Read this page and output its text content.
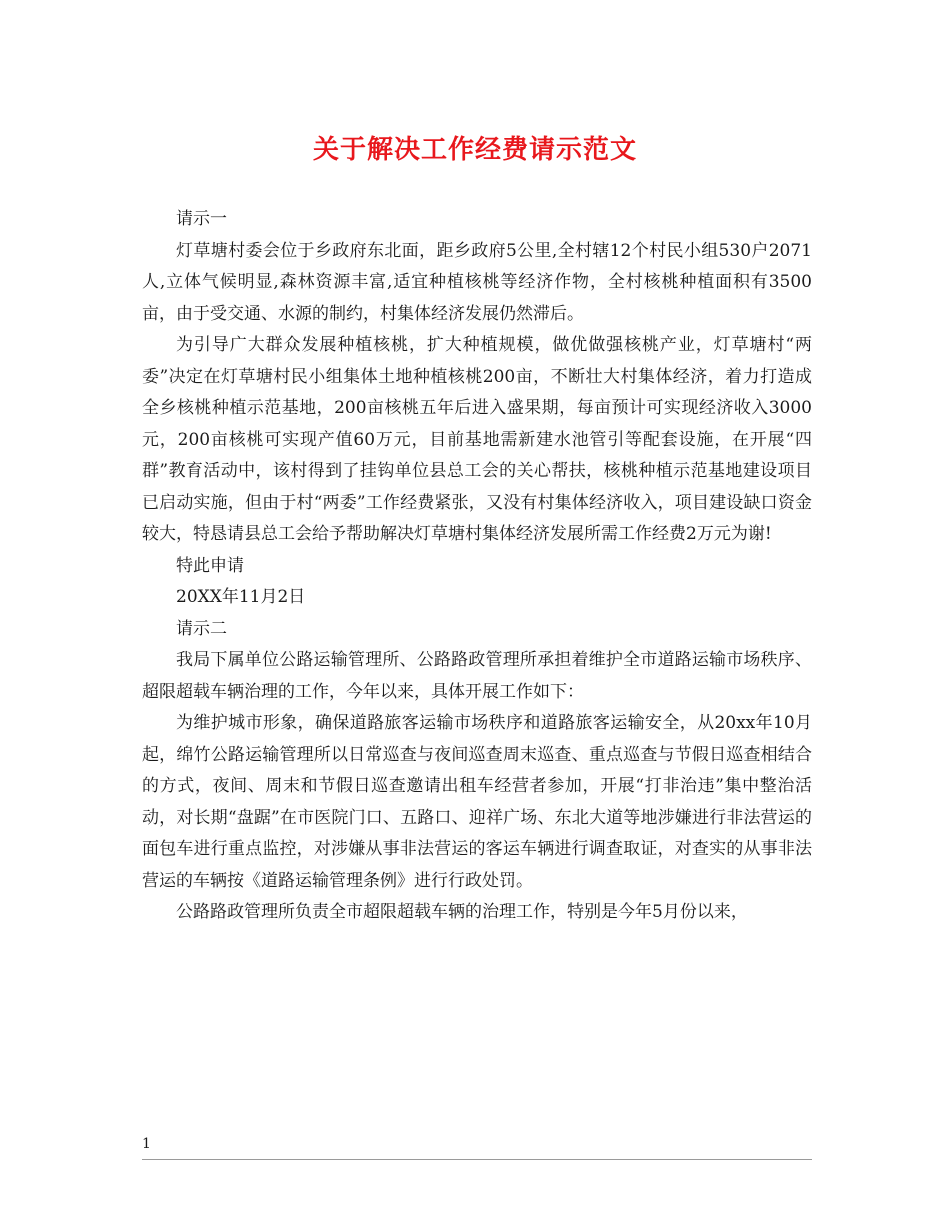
关于解决工作经费请示范文

请示一

灯草塘村委会位于乡政府东北面，距乡政府5公里,全村辖12个村民小组530户2071人,立体气候明显,森林资源丰富,适宜种植核桃等经济作物，全村核桃种植面积有3500亩，由于受交通、水源的制约，村集体经济发展仍然滞后。

为引导广大群众发展种植核桃，扩大种植规模，做优做强核桃产业，灯草塘村“两委”决定在灯草塘村民小组集体土地种植核桃200亩，不断壮大村集体经济，着力打造成全乡核桃种植示范基地，200亩核桃五年后进入盛果期，每亩预计可实现经济收入3000元，200亩核桃可实现产值60万元，目前基地需新建水池管引等配套设施，在开展“四群”教育活动中，该村得到了挂钩单位县总工会的关心帮扶，核桃种植示范基地建设项目已启动实施，但由于村“两委”工作经费紧张，又没有村集体经济收入，项目建设缺口资金较大，特恳请县总工会给予帮助解决灯草塘村集体经济发展所需工作经费2万元为谢!

特此申请

20XX年11月2日

请示二

我局下属单位公路运输管理所、公路路政管理所承担着维护全市道路运输市场秩序、超限超载车辆治理的工作，今年以来，具体开展工作如下：

为维护城市形象，确保道路旅客运输市场秩序和道路旅客运输安全，从20xx年10月起，绵竹公路运输管理所以日常巡查与夜间巡查周末巡查、重点巡查与节假日巡查相结合的方式，夜间、周末和节假日巡查邀请出租车经营者参加，开展“打非治违”集中整治活动，对长期“盘踞”在市医院门口、五路口、迎祥广场、东北大道等地涉嫌进行非法营运的面包车进行重点监控，对涉嫌从事非法营运的客运车辆进行调查取证，对查实的从事非法营运的车辆按《道路运输管理条例》进行行政处罚。

公路路政管理所负责全市超限超载车辆的治理工作，特别是今年5月份以来，

1
